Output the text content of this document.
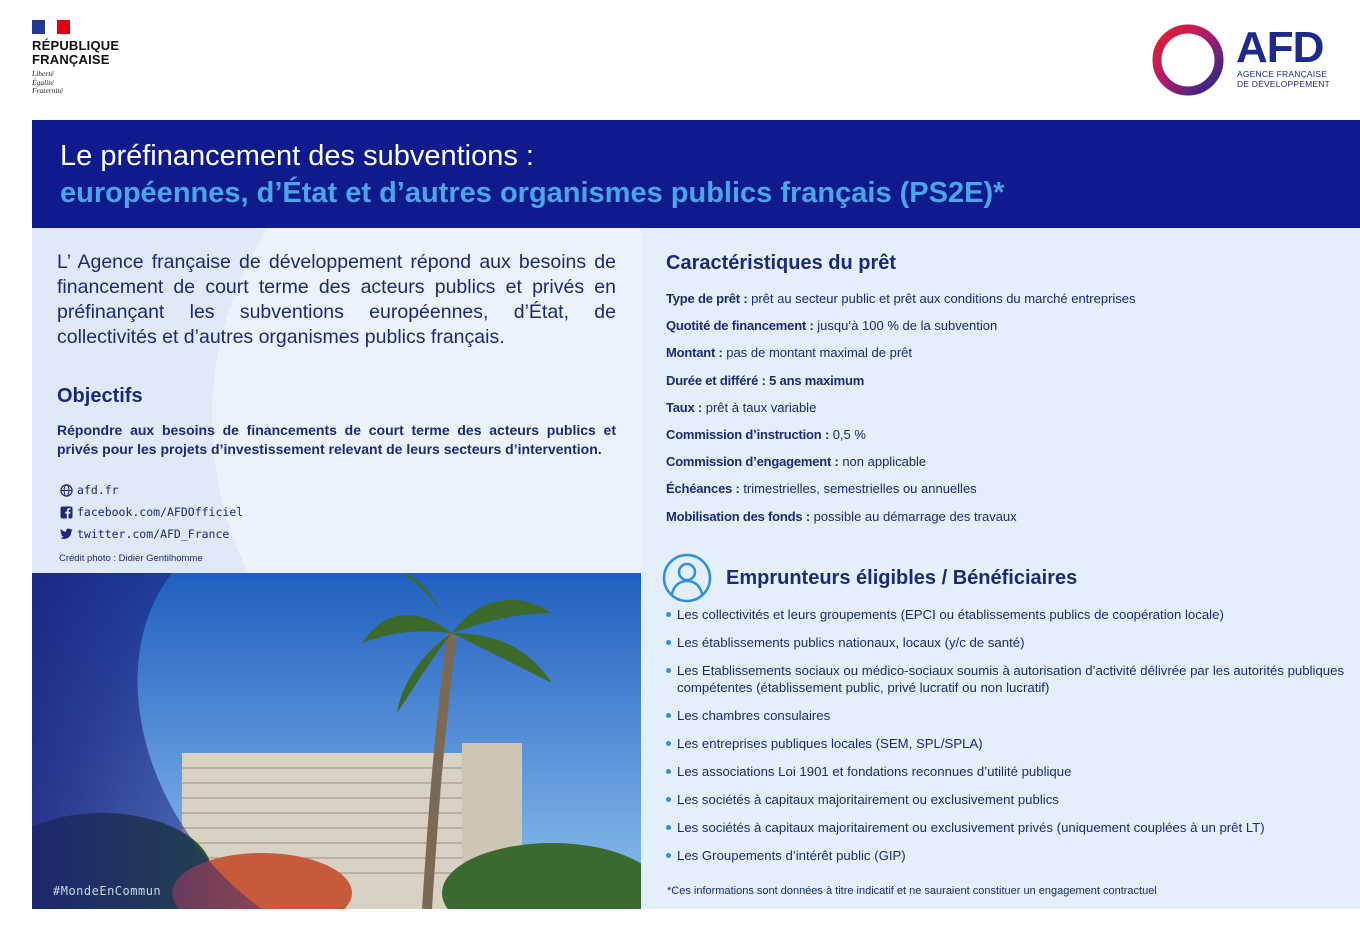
RÉPUBLIQUE FRANÇAISE
Liberté
Égalité
Fraternité
AFD
AGENCE FRANÇAISE DE DÉVELOPPEMENT
Le préfinancement des subventions :
européennes, d’État et d’autres organismes publics français (PS2E)*
L’ Agence française de développement répond aux besoins de financement de court terme des acteurs publics et privés en préfinançant les subventions européennes, d’État, de collectivités et d’autres organismes publics français.
Objectifs
Répondre aux besoins de financements de court terme des acteurs publics et privés pour les projets d’investissement relevant de leurs secteurs d’intervention.
afd.fr
facebook.com/AFDOfficiel
twitter.com/AFD_France
Crédit photo : Didier Gentilhomme
#MondeEnCommun
Caractéristiques du prêt
Type de prêt : prêt au secteur public et prêt aux conditions du marché entreprises
Quotité de financement : jusqu’à 100 % de la subvention
Montant : pas de montant maximal de prêt
Durée et différé : 5 ans maximum
Taux : prêt à taux variable
Commission d’instruction : 0,5 %
Commission d’engagement : non applicable
Échéances : trimestrielles, semestrielles ou annuelles
Mobilisation des fonds : possible au démarrage des travaux
Emprunteurs éligibles / Bénéficiaires
Les collectivités et leurs groupements (EPCI ou établissements publics de coopération locale)
Les établissements publics nationaux, locaux (y/c de santé)
Les Etablissements sociaux ou médico-sociaux soumis à autorisation d’activité délivrée par les autorités publiques compétentes (établissement public, privé lucratif ou non lucratif)
Les chambres consulaires
Les entreprises publiques locales (SEM, SPL/SPLA)
Les associations Loi 1901 et fondations reconnues d’utilité publique
Les sociétés à capitaux majoritairement ou exclusivement publics
Les sociétés à capitaux majoritairement ou exclusivement privés (uniquement couplées à un prêt LT)
Les Groupements d’intérêt public (GIP)
*Ces informations sont données à titre indicatif et ne sauraient constituer un engagement contractuel
